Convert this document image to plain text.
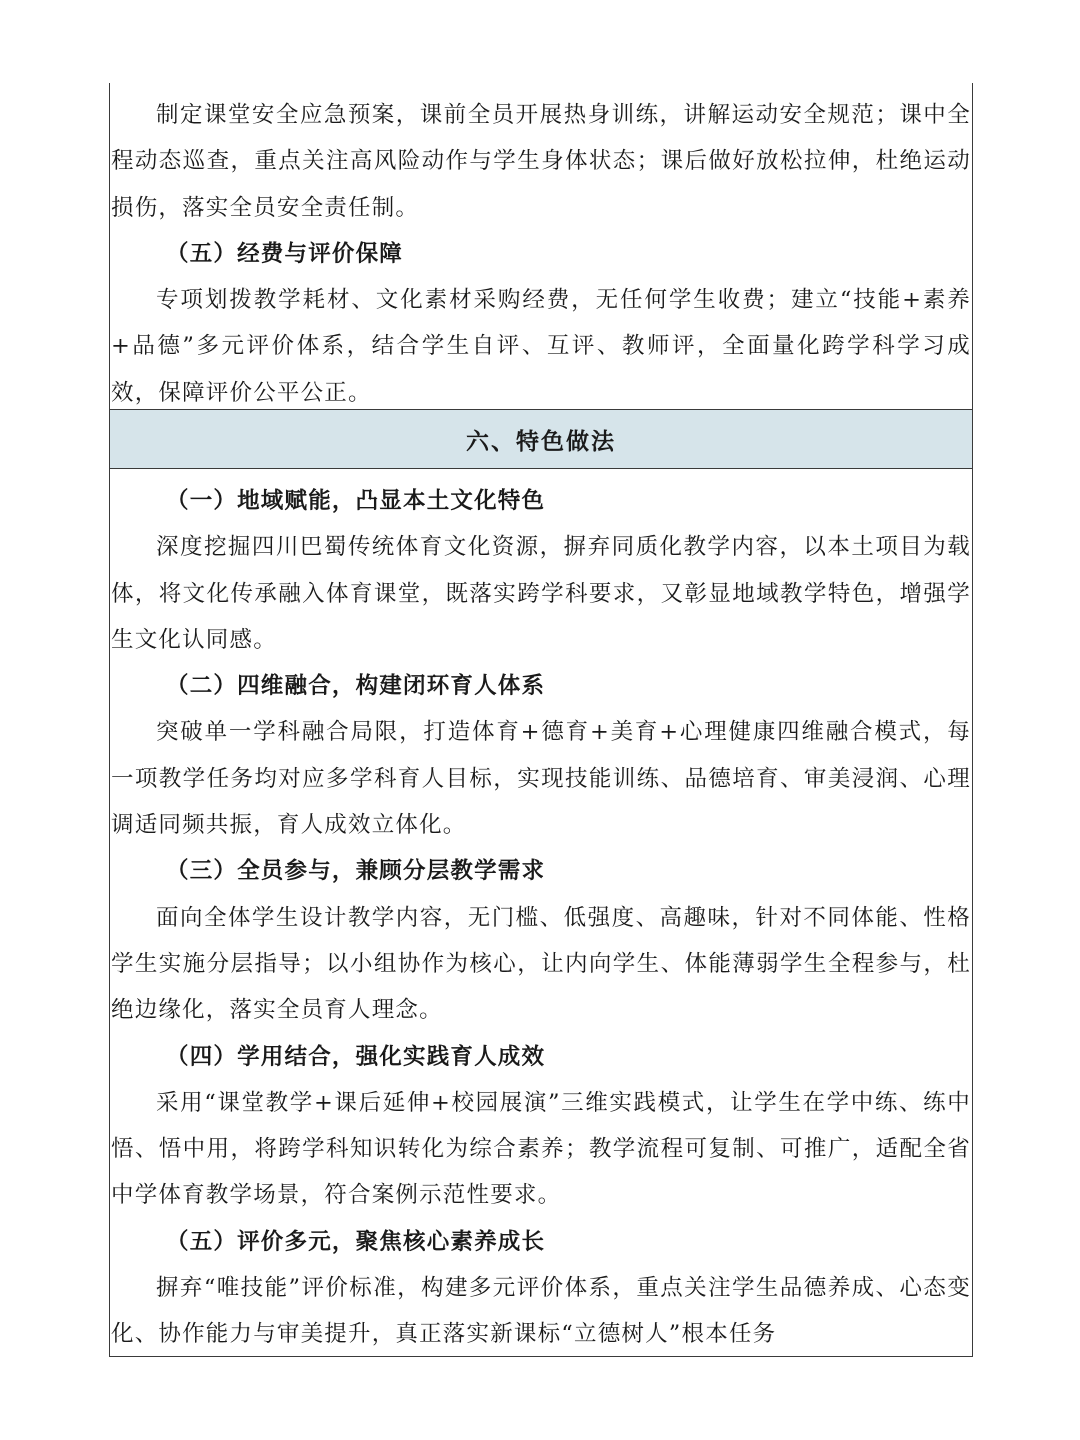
制定课堂安全应急预案，课前全员开展热身训练，讲解运动安全规范；课中全程动态巡查，重点关注高风险动作与学生身体状态；课后做好放松拉伸，杜绝运动损伤，落实全员安全责任制。

（五）经费与评价保障

专项划拨教学耗材、文化素材采购经费，无任何学生收费；建立“技能+素养+品德”多元评价体系，结合学生自评、互评、教师评，全面量化跨学科学习成效，保障评价公平公正。

六、特色做法

（一）地域赋能，凸显本土文化特色

深度挖掘四川巴蜀传统体育文化资源，摒弃同质化教学内容，以本土项目为载体，将文化传承融入体育课堂，既落实跨学科要求，又彰显地域教学特色，增强学生文化认同感。

（二）四维融合，构建闭环育人体系

突破单一学科融合局限，打造体育+德育+美育+心理健康四维融合模式，每一项教学任务均对应多学科育人目标，实现技能训练、品德培育、审美浸润、心理调适同频共振，育人成效立体化。

（三）全员参与，兼顾分层教学需求

面向全体学生设计教学内容，无门槛、低强度、高趣味，针对不同体能、性格学生实施分层指导；以小组协作为核心，让内向学生、体能薄弱学生全程参与，杜绝边缘化，落实全员育人理念。

（四）学用结合，强化实践育人成效

采用“课堂教学+课后延伸+校园展演”三维实践模式，让学生在学中练、练中悟、悟中用，将跨学科知识转化为综合素养；教学流程可复制、可推广，适配全省中学体育教学场景，符合案例示范性要求。

（五）评价多元，聚焦核心素养成长

摒弃“唯技能”评价标准，构建多元评价体系，重点关注学生品德养成、心态变化、协作能力与审美提升，真正落实新课标“立德树人”根本任务
